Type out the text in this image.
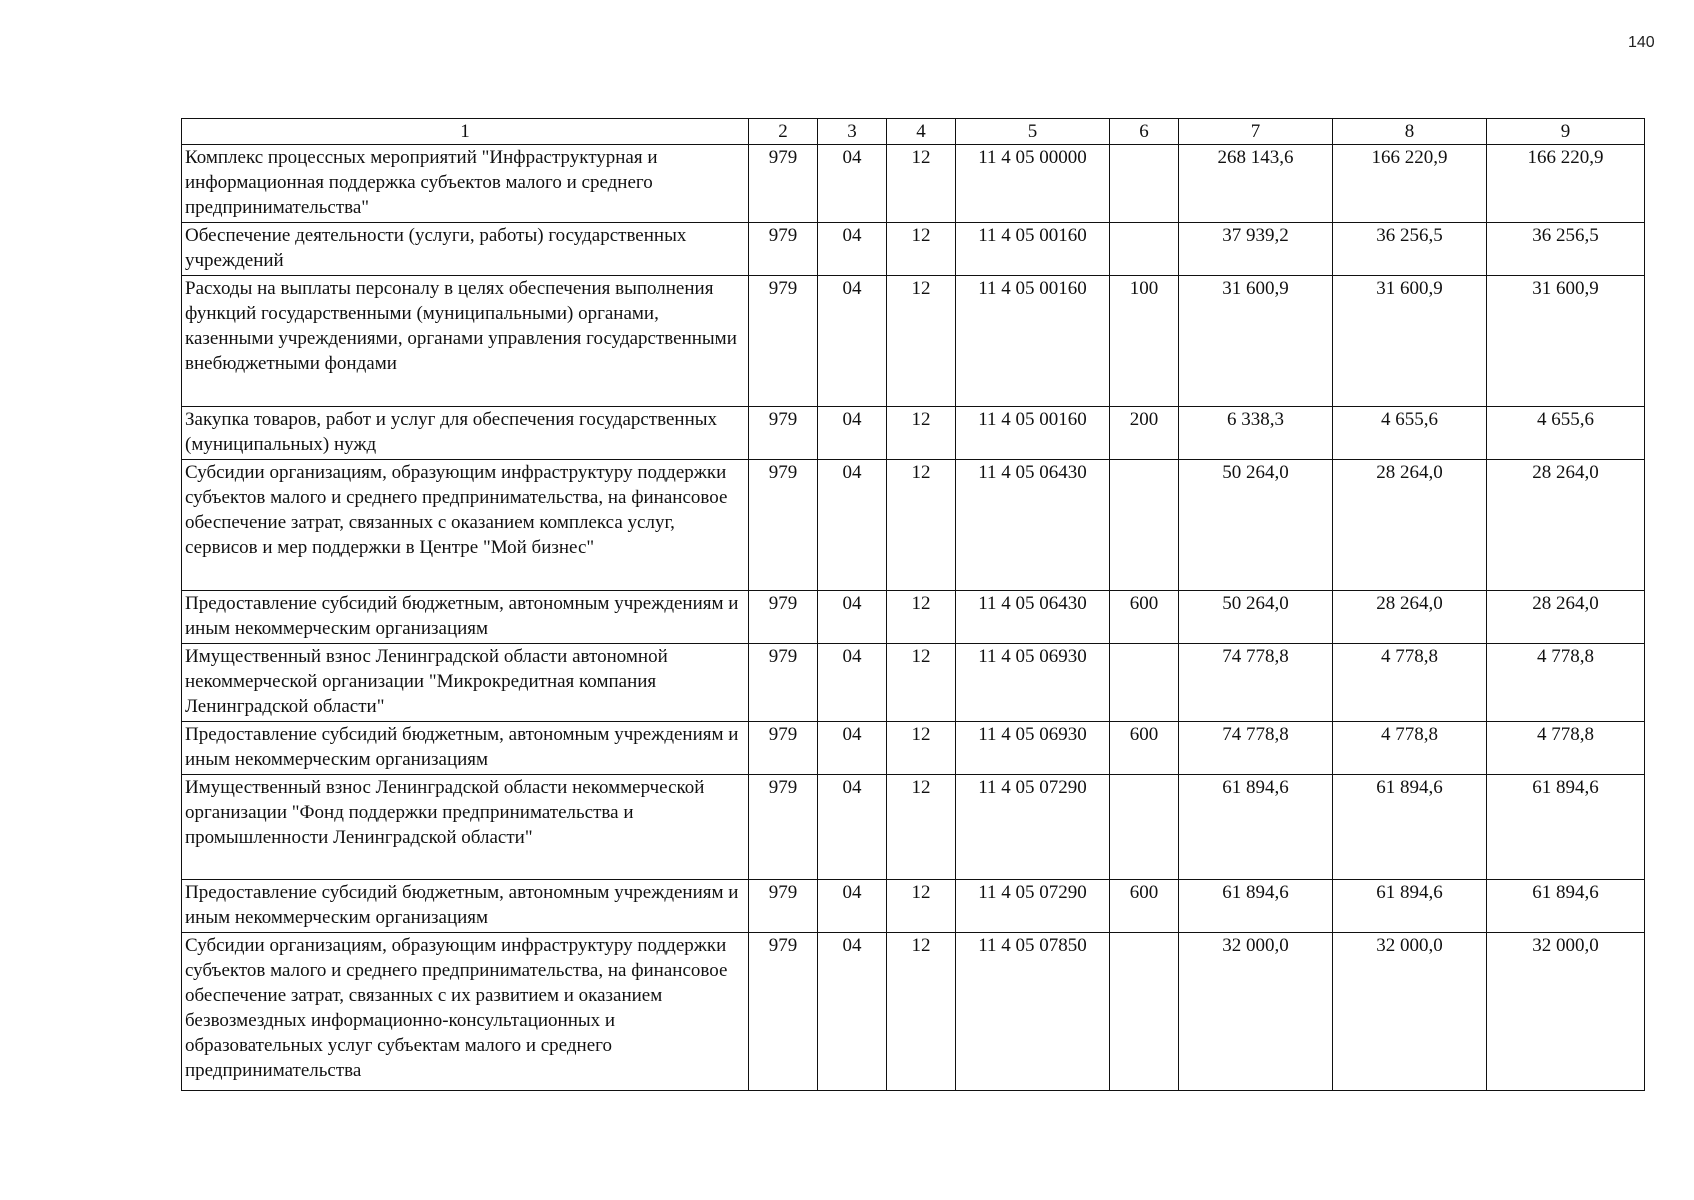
140
1	2	3	4	5	6	7	8	9
Комплекс процессных мероприятий "Инфраструктурная и информационная поддержка субъектов малого и среднего предпринимательства"	979	04	12	11 4 05 00000		268 143,6	166 220,9	166 220,9
Обеспечение деятельности (услуги, работы) государственных учреждений	979	04	12	11 4 05 00160		37 939,2	36 256,5	36 256,5
Расходы на выплаты персоналу в целях обеспечения выполнения функций государственными (муниципальными) органами, казенными учреждениями, органами управления государственными внебюджетными фондами	979	04	12	11 4 05 00160	100	31 600,9	31 600,9	31 600,9
Закупка товаров, работ и услуг для обеспечения государственных (муниципальных) нужд	979	04	12	11 4 05 00160	200	6 338,3	4 655,6	4 655,6
Субсидии организациям, образующим инфраструктуру поддержки субъектов малого и среднего предпринимательства, на финансовое обеспечение затрат, связанных с оказанием комплекса услуг, сервисов и мер поддержки в Центре "Мой бизнес"	979	04	12	11 4 05 06430		50 264,0	28 264,0	28 264,0
Предоставление субсидий бюджетным, автономным учреждениям и иным некоммерческим организациям	979	04	12	11 4 05 06430	600	50 264,0	28 264,0	28 264,0
Имущественный взнос Ленинградской области автономной некоммерческой организации "Микрокредитная компания Ленинградской области"	979	04	12	11 4 05 06930		74 778,8	4 778,8	4 778,8
Предоставление субсидий бюджетным, автономным учреждениям и иным некоммерческим организациям	979	04	12	11 4 05 06930	600	74 778,8	4 778,8	4 778,8
Имущественный взнос Ленинградской области некоммерческой организации "Фонд поддержки предпринимательства и промышленности Ленинградской области"	979	04	12	11 4 05 07290		61 894,6	61 894,6	61 894,6
Предоставление субсидий бюджетным, автономным учреждениям и иным некоммерческим организациям	979	04	12	11 4 05 07290	600	61 894,6	61 894,6	61 894,6
Субсидии организациям, образующим инфраструктуру поддержки субъектов малого и среднего предпринимательства, на финансовое обеспечение затрат, связанных с их развитием и оказанием безвозмездных информационно-консультационных и образовательных услуг субъектам малого и среднего предпринимательства	979	04	12	11 4 05 07850		32 000,0	32 000,0	32 000,0
